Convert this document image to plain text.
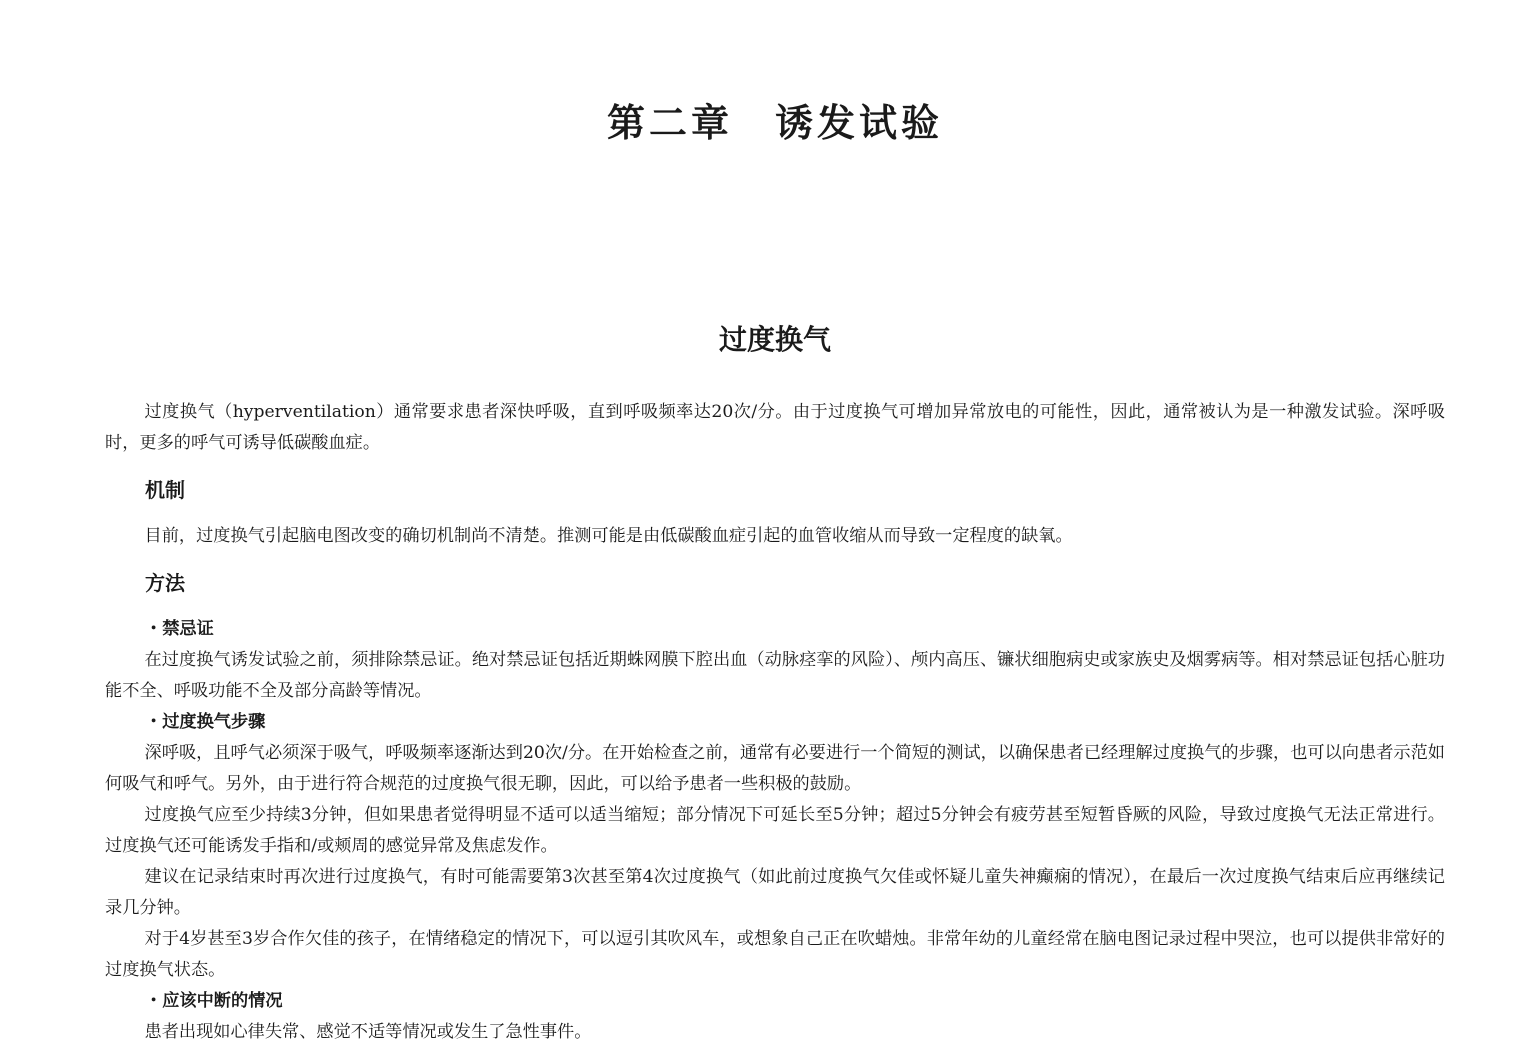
第二章　诱发试验
过度换气

过度换气（hyperventilation）通常要求患者深快呼吸，直到呼吸频率达20次/分。由于过度换气可增加异常放电的可能性，因此，通常被认为是一种激发试验。深呼吸时，更多的呼气可诱导低碳酸血症。

机制

目前，过度换气引起脑电图改变的确切机制尚不清楚。推测可能是由低碳酸血症引起的血管收缩从而导致一定程度的缺氧。

方法
・禁忌证

在过度换气诱发试验之前，须排除禁忌证。绝对禁忌证包括近期蛛网膜下腔出血（动脉痉挛的风险）、颅内高压、镰状细胞病史或家族史及烟雾病等。相对禁忌证包括心脏功能不全、呼吸功能不全及部分高龄等情况。

・过度换气步骤

深呼吸，且呼气必须深于吸气，呼吸频率逐渐达到20次/分。在开始检查之前，通常有必要进行一个简短的测试，以确保患者已经理解过度换气的步骤，也可以向患者示范如何吸气和呼气。另外，由于进行符合规范的过度换气很无聊，因此，可以给予患者一些积极的鼓励。

过度换气应至少持续3分钟，但如果患者觉得明显不适可以适当缩短；部分情况下可延长至5分钟；超过5分钟会有疲劳甚至短暂昏厥的风险，导致过度换气无法正常进行。过度换气还可能诱发手指和/或颊周的感觉异常及焦虑发作。

建议在记录结束时再次进行过度换气，有时可能需要第3次甚至第4次过度换气（如此前过度换气欠佳或怀疑儿童失神癫痫的情况），在最后一次过度换气结束后应再继续记录几分钟。

对于4岁甚至3岁合作欠佳的孩子，在情绪稳定的情况下，可以逗引其吹风车，或想象自己正在吹蜡烛。非常年幼的儿童经常在脑电图记录过程中哭泣，也可以提供非常好的过度换气状态。

・应该中断的情况

患者出现如心律失常、感觉不适等情况或发生了急性事件。
